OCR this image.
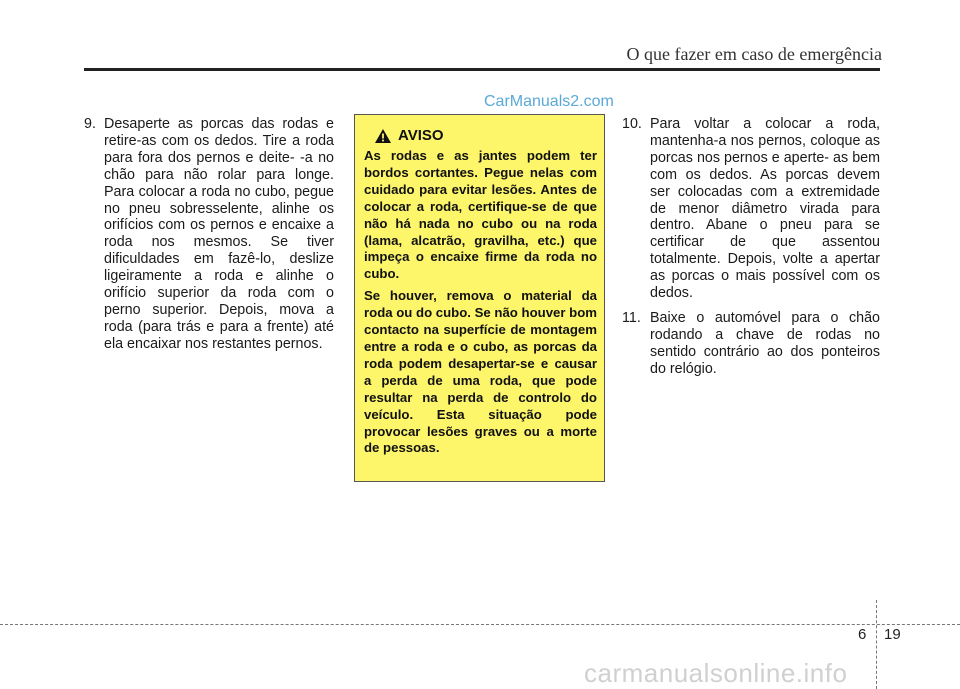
O que fazer em caso de emergência
CarManuals2.com
9. Desaperte as porcas das rodas e retire-as com os dedos. Tire a roda para fora dos pernos e deite- -a no chão para não rolar para longe. Para colocar a roda no cubo, pegue no pneu sobresselente, alinhe os orifícios com os pernos e encaixe a roda nos mesmos. Se tiver dificuldades em fazê-lo, deslize ligeiramente a roda e alinhe o orifício superior da roda com o perno superior. Depois, mova a roda (para trás e para a frente) até ela encaixar nos restantes pernos.
AVISO

As rodas e as jantes podem ter bordos cortantes. Pegue nelas com cuidado para evitar lesões. Antes de colocar a roda, certifique-se de que não há nada no cubo ou na roda (lama, alcatrão, gravilha, etc.) que impeça o encaixe firme da roda no cubo.

Se houver, remova o material da roda ou do cubo. Se não houver bom contacto na superfície de montagem entre a roda e o cubo, as porcas da roda podem desapertar-se e causar a perda de uma roda, que pode resultar na perda de controlo do veículo. Esta situação pode provocar lesões graves ou a morte de pessoas.

10. Para voltar a colocar a roda, mantenha-a nos pernos, coloque as porcas nos pernos e aperte- as bem com os dedos. As porcas devem ser colocadas com a extremidade de menor diâmetro virada para dentro. Abane o pneu para se certificar de que assentou totalmente. Depois, volte a apertar as porcas o mais possível com os dedos.
11. Baixe o automóvel para o chão rodando a chave de rodas no sentido contrário ao dos ponteiros do relógio.
6 19
carmanualsonline.info
